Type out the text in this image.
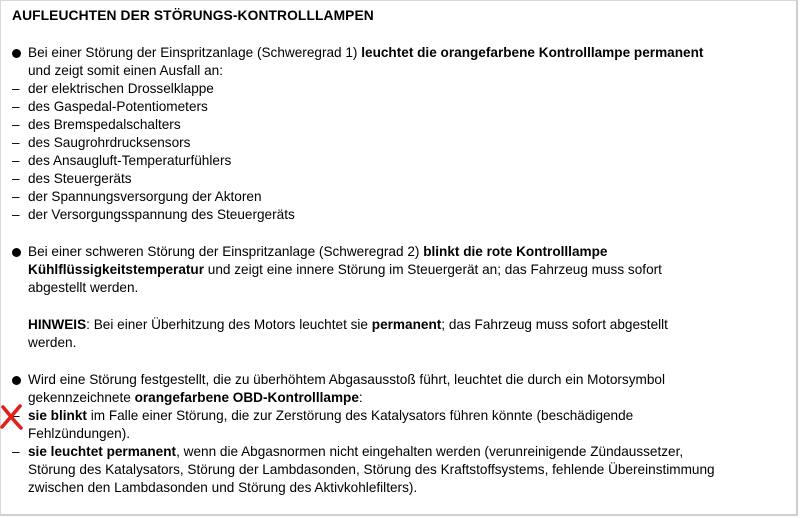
AUFLEUCHTEN DER STÖRUNGS-KONTROLLLAMPEN
Bei einer Störung der Einspritzanlage (Schweregrad 1) leuchtet die orangefarbene Kontrolllampe permanent
und zeigt somit einen Ausfall an:
– der elektrischen Drosselklappe
– des Gaspedal-Potentiometers
– des Bremspedalschalters
– des Saugrohrdrucksensors
– des Ansaugluft-Temperaturfühlers
– des Steuergeräts
– der Spannungsversorgung der Aktoren
– der Versorgungsspannung des Steuergeräts
Bei einer schweren Störung der Einspritzanlage (Schweregrad 2) blinkt die rote Kontrolllampe
Kühlflüssigkeitstemperatur und zeigt eine innere Störung im Steuergerät an; das Fahrzeug muss sofort
abgestellt werden.
HINWEIS: Bei einer Überhitzung des Motors leuchtet sie permanent; das Fahrzeug muss sofort abgestellt
werden.
Wird eine Störung festgestellt, die zu überhöhtem Abgasausstoß führt, leuchtet die durch ein Motorsymbol
gekennzeichnete orangefarbene OBD-Kontrolllampe:
– sie blinkt im Falle einer Störung, die zur Zerstörung des Katalysators führen könnte (beschädigende
Fehlzündungen).
– sie leuchtet permanent, wenn die Abgasnormen nicht eingehalten werden (verunreinigende Zündaussetzer,
Störung des Katalysators, Störung der Lambdasonden, Störung des Kraftstoffsystems, fehlende Übereinstimmung
zwischen den Lambdasonden und Störung des Aktivkohlefilters).
